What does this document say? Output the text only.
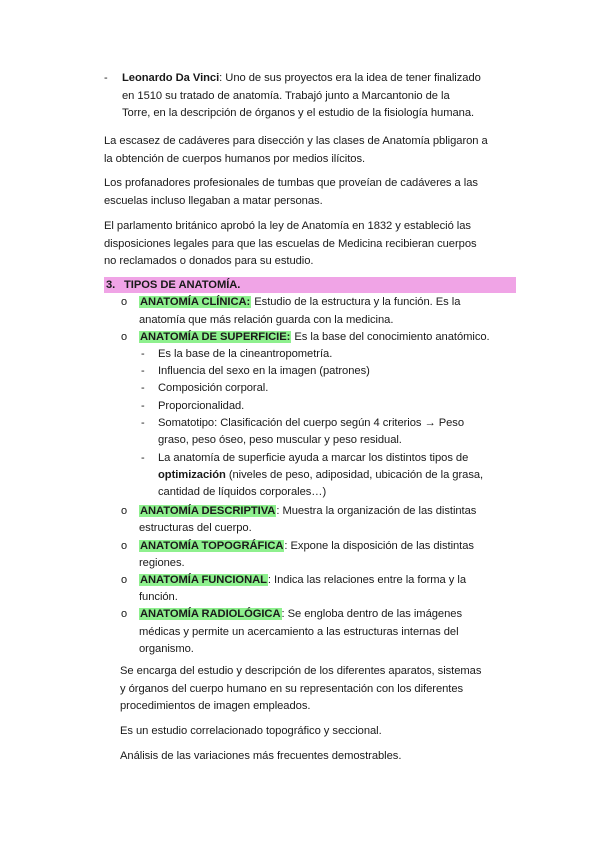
- Leonardo Da Vinci: Uno de sus proyectos era la idea de tener finalizado
en 1510 su tratado de anatomía. Trabajó junto a Marcantonio de la
Torre, en la descripción de órganos y el estudio de la fisiología humana.
La escasez de cadáveres para disección y las clases de Anatomía pbligaron a
la obtención de cuerpos humanos por medios ilícitos.
Los profanadores profesionales de tumbas que proveían de cadáveres a las
escuelas incluso llegaban a matar personas.
El parlamento británico aprobó la ley de Anatomía en 1832 y estableció las
disposiciones legales para que las escuelas de Medicina recibieran cuerpos
no reclamados o donados para su estudio.
3. TIPOS DE ANATOMÍA.
o ANATOMÍA CLÍNICA: Estudio de la estructura y la función. Es la
anatomía que más relación guarda con la medicina.
o ANATOMÍA DE SUPERFICIE: Es la base del conocimiento anatómico.
- Es la base de la cineantropometría.
- Influencia del sexo en la imagen (patrones)
- Composición corporal.
- Proporcionalidad.
- Somatotipo: Clasificación del cuerpo según 4 criterios → Peso
graso, peso óseo, peso muscular y peso residual.
- La anatomía de superficie ayuda a marcar los distintos tipos de
optimización (niveles de peso, adiposidad, ubicación de la grasa,
cantidad de líquidos corporales…)
o ANATOMÍA DESCRIPTIVA: Muestra la organización de las distintas
estructuras del cuerpo.
o ANATOMÍA TOPOGRÁFICA: Expone la disposición de las distintas
regiones.
o ANATOMÍA FUNCIONAL: Indica las relaciones entre la forma y la
función.
o ANATOMÍA RADIOLÓGICA: Se engloba dentro de las imágenes
médicas y permite un acercamiento a las estructuras internas del
organismo.
Se encarga del estudio y descripción de los diferentes aparatos, sistemas
y órganos del cuerpo humano en su representación con los diferentes
procedimientos de imagen empleados.
Es un estudio correlacionado topográfico y seccional.
Análisis de las variaciones más frecuentes demostrables.
